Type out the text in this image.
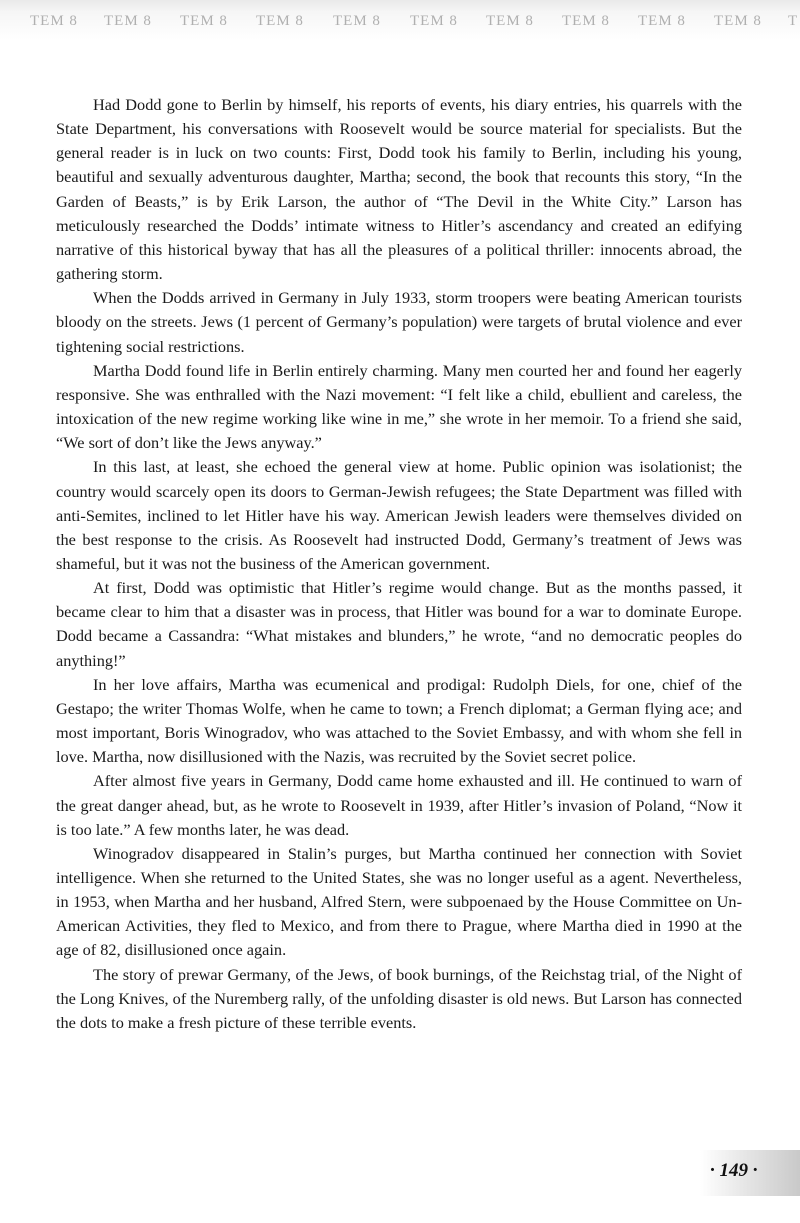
TEM 8 TEM 8 TEM 8 TEM 8 TEM 8 TEM 8 TEM 8 TEM 8 TEM 8 TEM 8 T

Had Dodd gone to Berlin by himself, his reports of events, his diary entries, his quarrels with the State Department, his conversations with Roosevelt would be source material for specialists. But the general reader is in luck on two counts: First, Dodd took his family to Berlin, including his young, beautiful and sexually adventurous daughter, Martha; second, the book that recounts this story, “In the Garden of Beasts,” is by Erik Larson, the author of “The Devil in the White City.” Larson has meticulously researched the Dodds’ intimate witness to Hitler’s ascendancy and created an edifying narrative of this historical byway that has all the pleasures of a political thriller: innocents abroad, the gathering storm.

When the Dodds arrived in Germany in July 1933, storm troopers were beating American tourists bloody on the streets. Jews (1 percent of Germany’s population) were targets of brutal violence and ever tightening social restrictions.

Martha Dodd found life in Berlin entirely charming. Many men courted her and found her eagerly responsive. She was enthralled with the Nazi movement: “I felt like a child, ebullient and careless, the intoxication of the new regime working like wine in me,” she wrote in her memoir. To a friend she said, “We sort of don’t like the Jews anyway.”

In this last, at least, she echoed the general view at home. Public opinion was isolationist; the country would scarcely open its doors to German-Jewish refugees; the State Department was filled with anti-Semites, inclined to let Hitler have his way. American Jewish leaders were themselves divided on the best response to the crisis. As Roosevelt had instructed Dodd, Germany’s treatment of Jews was shameful, but it was not the business of the American government.

At first, Dodd was optimistic that Hitler’s regime would change. But as the months passed, it became clear to him that a disaster was in process, that Hitler was bound for a war to dominate Europe. Dodd became a Cassandra: “What mistakes and blunders,” he wrote, “and no democratic peoples do anything!”

In her love affairs, Martha was ecumenical and prodigal: Rudolph Diels, for one, chief of the Gestapo; the writer Thomas Wolfe, when he came to town; a French diplomat; a German flying ace; and most important, Boris Winogradov, who was attached to the Soviet Embassy, and with whom she fell in love. Martha, now disillusioned with the Nazis, was recruited by the Soviet secret police.

After almost five years in Germany, Dodd came home exhausted and ill. He continued to warn of the great danger ahead, but, as he wrote to Roosevelt in 1939, after Hitler’s invasion of Poland, “Now it is too late.” A few months later, he was dead.

Winogradov disappeared in Stalin’s purges, but Martha continued her connection with Soviet intelligence. When she returned to the United States, she was no longer useful as a agent. Nevertheless, in 1953, when Martha and her husband, Alfred Stern, were subpoenaed by the House Committee on Un-American Activities, they fled to Mexico, and from there to Prague, where Martha died in 1990 at the age of 82, disillusioned once again.

The story of prewar Germany, of the Jews, of book burnings, of the Reichstag trial, of the Night of the Long Knives, of the Nuremberg rally, of the unfolding disaster is old news. But Larson has connected the dots to make a fresh picture of these terrible events.

· 149 ·
